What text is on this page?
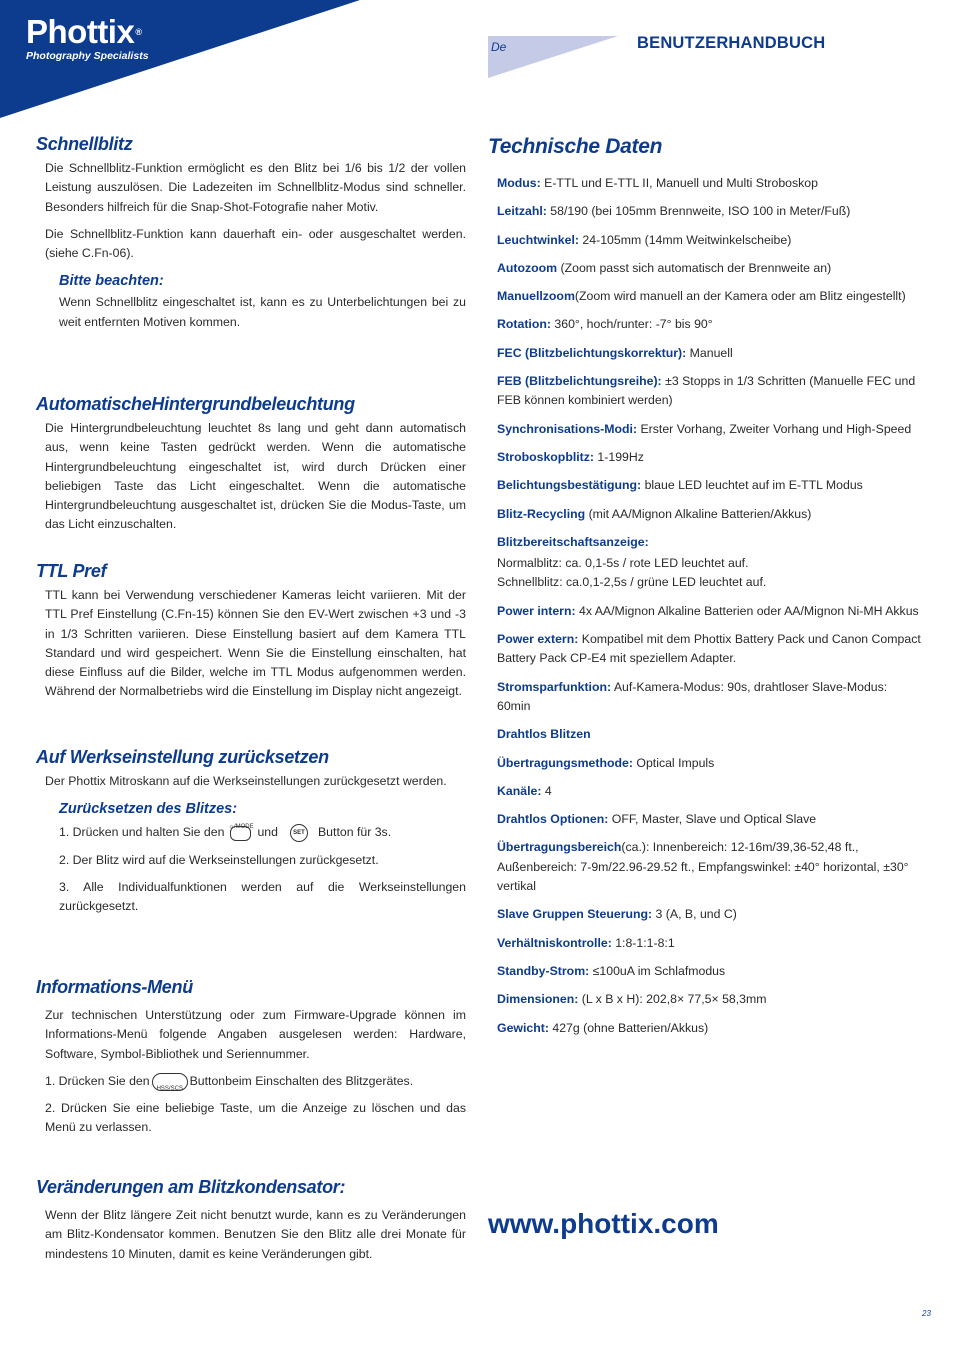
Phottix®
Photography Specialists
De	BENUTZERHANDBUCH
Schnellblitz

Die Schnellblitz-Funktion ermöglicht es den Blitz bei 1/6 bis 1/2 der vollen Leistung auszulösen. Die Ladezeiten im Schnellblitz-Modus sind schneller. Besonders hilfreich für die Snap-Shot-Fotografie naher Motiv.

Die Schnellblitz-Funktion kann dauerhaft ein- oder ausgeschaltet werden. (siehe C.Fn-06).

Bitte beachten:

Wenn Schnellblitz eingeschaltet ist, kann es zu Unterbelichtungen bei zu weit entfernten Motiven kommen.

AutomatischeHintergrundbeleuchtung

Die Hintergrundbeleuchtung leuchtet 8s lang und geht dann automatisch aus, wenn keine Tasten gedrückt werden. Wenn die automatische Hintergrundbeleuchtung eingeschaltet ist, wird durch Drücken einer beliebigen Taste das Licht eingeschaltet. Wenn die automatische Hintergrundbeleuchtung ausgeschaltet ist, drücken Sie die Modus-Taste, um das Licht einzuschalten.

TTL Pref

TTL kann bei Verwendung verschiedener Kameras leicht variieren. Mit der TTL Pref Einstellung (C.Fn-15) können Sie den EV-Wert zwischen +3 und -3 in 1/3 Schritten variieren. Diese Einstellung basiert auf dem Kamera TTL Standard und wird gespeichert. Wenn Sie die Einstellung einschalten, hat diese Einfluss auf die Bilder, welche im TTL Modus aufgenommen werden. Während der Normalbetriebs wird die Einstellung im Display nicht angezeigt.

Auf Werkseinstellung zurücksetzen

Der Phottix Mitroskann auf die Werkseinstellungen zurückgesetzt werden.

Zurücksetzen des Blitzes:

1. Drücken und halten Sie den ☼/MODE und	SET Button für 3s.

2. Der Blitz wird auf die Werkseinstellungen zurückgesetzt.

3. Alle Individualfunktionen werden auf die Werkseinstellungen zurückgesetzt.

Informations-Menü

Zur technischen Unterstützung oder zum Firmware-Upgrade können im Informations-Menü folgende Angaben ausgelesen werden: Hardware, Software, Symbol-Bibliothek und Seriennummer.

1. Drücken Sie den
HSS/SCS
Buttonbeim Einschalten des Blitzgerätes.

2. Drücken Sie eine beliebige Taste, um die Anzeige zu löschen und das Menü zu verlassen.

Veränderungen am Blitzkondensator:

Wenn der Blitz längere Zeit nicht benutzt wurde, kann es zu Veränderungen am Blitz-Kondensator kommen. Benutzen Sie den Blitz alle drei Monate für mindestens 10 Minuten, damit es keine Veränderungen gibt.

Technische Daten

Modus: E-TTL und E-TTL II, Manuell und Multi Stroboskop

Leitzahl: 58/190 (bei 105mm Brennweite, ISO 100 in Meter/Fuß)

Leuchtwinkel: 24-105mm (14mm Weitwinkelscheibe)

Autozoom (Zoom passt sich automatisch der Brennweite an)

Manuellzoom(Zoom wird manuell an der Kamera oder am Blitz eingestellt)

Rotation: 360°, hoch/runter: -7° bis 90°

FEC (Blitzbelichtungskorrektur): Manuell

FEB (Blitzbelichtungsreihe): ±3 Stopps in 1/3 Schritten (Manuelle FEC und FEB können kombiniert werden)

Synchronisations-Modi: Erster Vorhang, Zweiter Vorhang und High-Speed

Stroboskopblitz: 1-199Hz

Belichtungsbestätigung: blaue LED leuchtet auf im E-TTL Modus

Blitz-Recycling (mit AA/Mignon Alkaline Batterien/Akkus)

Blitzbereitschaftsanzeige:

Normalblitz: ca. 0,1-5s / rote LED leuchtet auf.
Schnellblitz: ca.0,1-2,5s / grüne LED leuchtet auf.

Power intern: 4x AA/Mignon Alkaline Batterien oder AA/Mignon Ni-MH Akkus

Power extern: Kompatibel mit dem Phottix Battery Pack und Canon Compact Battery Pack CP-E4 mit speziellem Adapter.

Stromsparfunktion: Auf-Kamera-Modus: 90s, drahtloser Slave-Modus: 60min

Drahtlos Blitzen

Übertragungsmethode: Optical Impuls

Kanäle: 4

Drahtlos Optionen: OFF, Master, Slave und Optical Slave

Übertragungsbereich(ca.): Innenbereich: 12-16m/39,36-52,48 ft., Außenbereich: 7-9m/22.96-29.52 ft., Empfangswinkel: ±40° horizontal, ±30° vertikal

Slave Gruppen Steuerung: 3 (A, B, und C)

Verhältniskontrolle: 1:8-1:1-8:1

Standby-Strom: ≤100uA im Schlafmodus

Dimensionen: (L x B x H): 202,8× 77,5× 58,3mm

Gewicht: 427g (ohne Batterien/Akkus)

www.phottix.com
23
